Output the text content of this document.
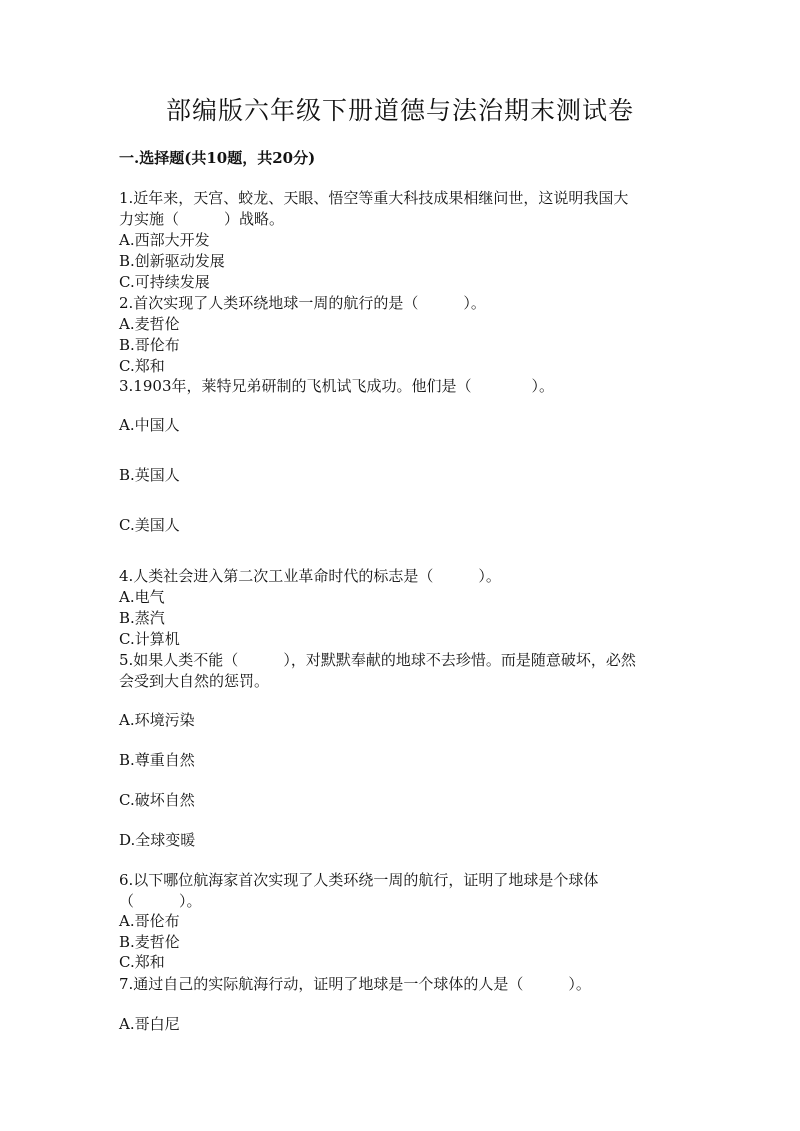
部编版六年级下册道德与法治期末测试卷
一.选择题(共10题，共20分)
1.近年来，天宫、蛟龙、天眼、悟空等重大科技成果相继问世，这说明我国大
力实施（　　　）战略。
A.西部大开发
B.创新驱动发展
C.可持续发展
2.首次实现了人类环绕地球一周的航行的是（　　　）。
A.麦哲伦
B.哥伦布
C.郑和
3.1903年，莱特兄弟研制的飞机试飞成功。他们是（　　　　）。
A.中国人
B.英国人
C.美国人
4.人类社会进入第二次工业革命时代的标志是（　　　）。
A.电气
B.蒸汽
C.计算机
5.如果人类不能（　　　），对默默奉献的地球不去珍惜。而是随意破坏，必然
会受到大自然的惩罚。
A.环境污染
B.尊重自然
C.破坏自然
D.全球变暖
6.以下哪位航海家首次实现了人类环绕一周的航行，证明了地球是个球体
（　　　）。
A.哥伦布
B.麦哲伦
C.郑和
7.通过自己的实际航海行动，证明了地球是一个球体的人是（　　　）。
A.哥白尼
